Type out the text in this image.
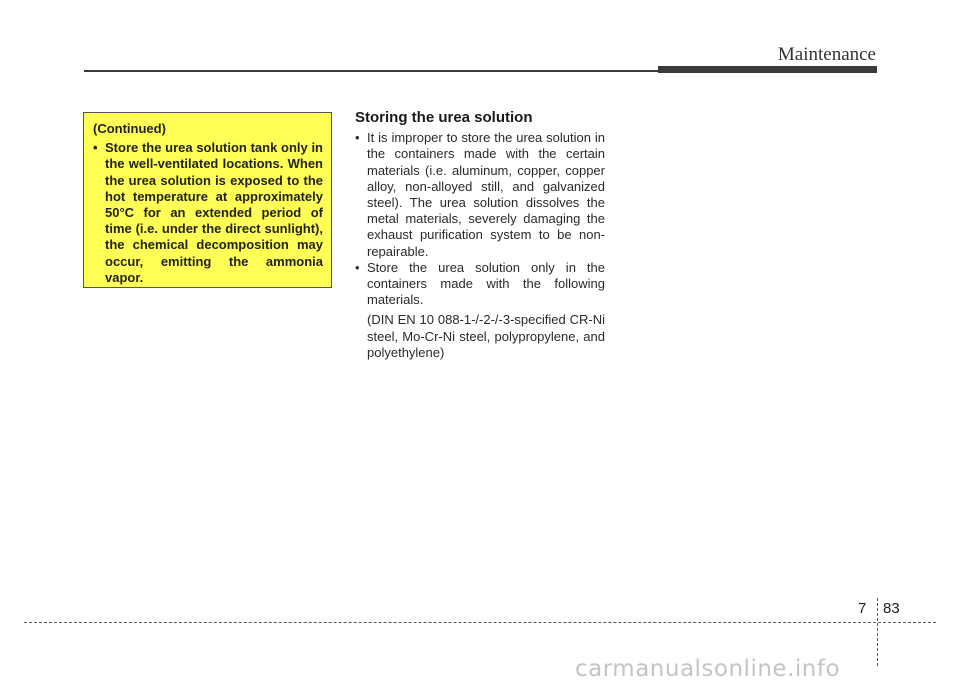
Maintenance
(Continued)
• Store the urea solution tank only in the well-ventilated locations. When the urea solution is exposed to the hot temperature at approximately 50°C for an extended period of time (i.e. under the direct sunlight), the chemical decomposition may occur, emitting the ammonia vapor.
Storing the urea solution
• It is improper to store the urea solution in the containers made with the certain materials (i.e. aluminum, copper, copper alloy, non-alloyed still, and galvanized steel). The urea solution dissolves the metal materials, severely damaging the exhaust purification system to be non-repairable.
• Store the urea solution only in the containers made with the following materials.
(DIN EN 10 088-1-/-2-/-3-specified CR-Ni steel, Mo-Cr-Ni steel, polypropylene, and polyethylene)
7 83
carmanualsonline.info
